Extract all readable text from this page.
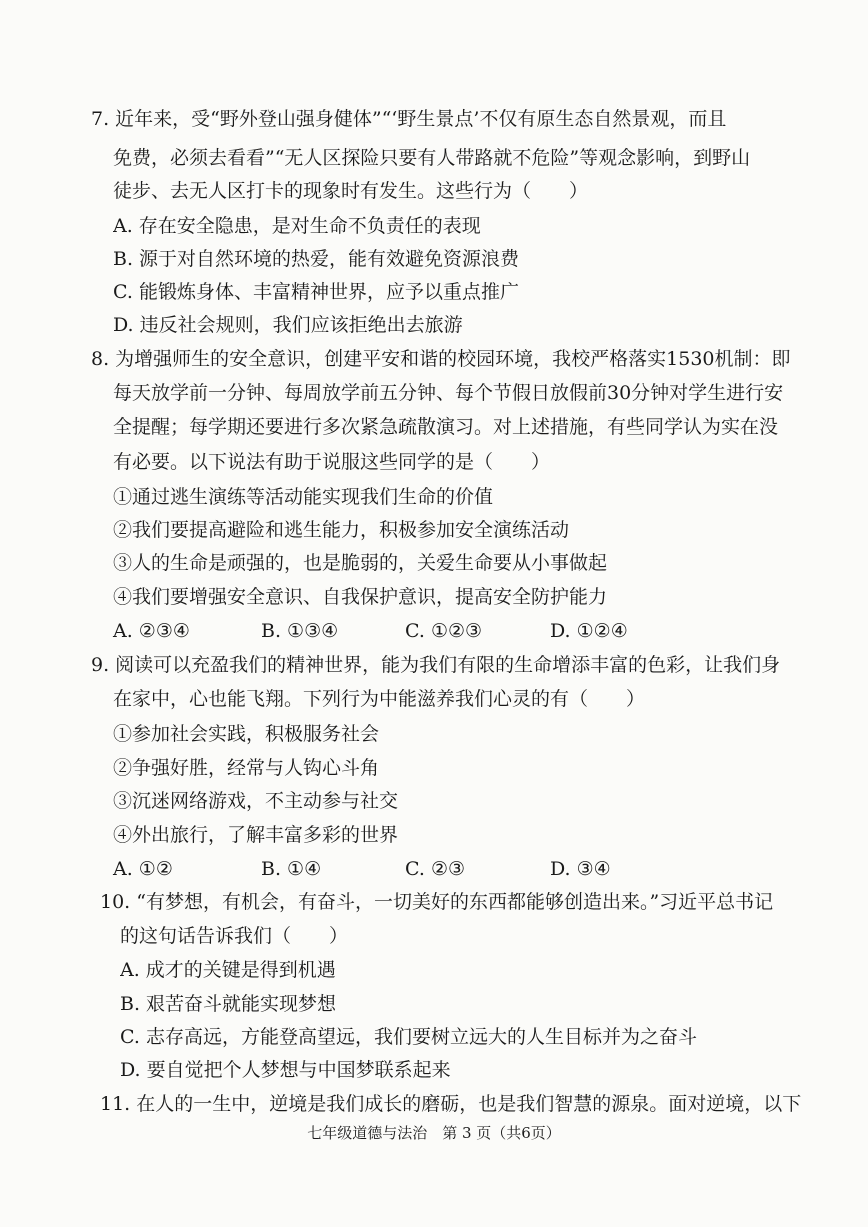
7. 近年来，受“野外登山强身健体”“‘野生景点’不仅有原生态自然景观，而且
免费，必须去看看”“无人区探险只要有人带路就不危险”等观念影响，到野山
徒步、去无人区打卡的现象时有发生。这些行为（　　）
A. 存在安全隐患，是对生命不负责任的表现
B. 源于对自然环境的热爱，能有效避免资源浪费
C. 能锻炼身体、丰富精神世界，应予以重点推广
D. 违反社会规则，我们应该拒绝出去旅游
8. 为增强师生的安全意识，创建平安和谐的校园环境，我校严格落实1530机制：即
每天放学前一分钟、每周放学前五分钟、每个节假日放假前30分钟对学生进行安
全提醒；每学期还要进行多次紧急疏散演习。对上述措施，有些同学认为实在没
有必要。以下说法有助于说服这些同学的是（　　）
①通过逃生演练等活动能实现我们生命的价值
②我们要提高避险和逃生能力，积极参加安全演练活动
③人的生命是顽强的，也是脆弱的，关爱生命要从小事做起
④我们要增强安全意识、自我保护意识，提高安全防护能力
A. ②③④	B. ①③④	C. ①②③	D. ①②④
9. 阅读可以充盈我们的精神世界，能为我们有限的生命增添丰富的色彩，让我们身
在家中，心也能飞翔。下列行为中能滋养我们心灵的有（　　）
①参加社会实践，积极服务社会
②争强好胜，经常与人钩心斗角
③沉迷网络游戏，不主动参与社交
④外出旅行，了解丰富多彩的世界
A. ①②	B. ①④	C. ②③	D. ③④
10. “有梦想，有机会，有奋斗，一切美好的东西都能够创造出来。”习近平总书记
的这句话告诉我们（　　）
A. 成才的关键是得到机遇
B. 艰苦奋斗就能实现梦想
C. 志存高远，方能登高望远，我们要树立远大的人生目标并为之奋斗
D. 要自觉把个人梦想与中国梦联系起来
11. 在人的一生中，逆境是我们成长的磨砺，也是我们智慧的源泉。面对逆境，以下
七年级道德与法治　第 3 页（共6页）
